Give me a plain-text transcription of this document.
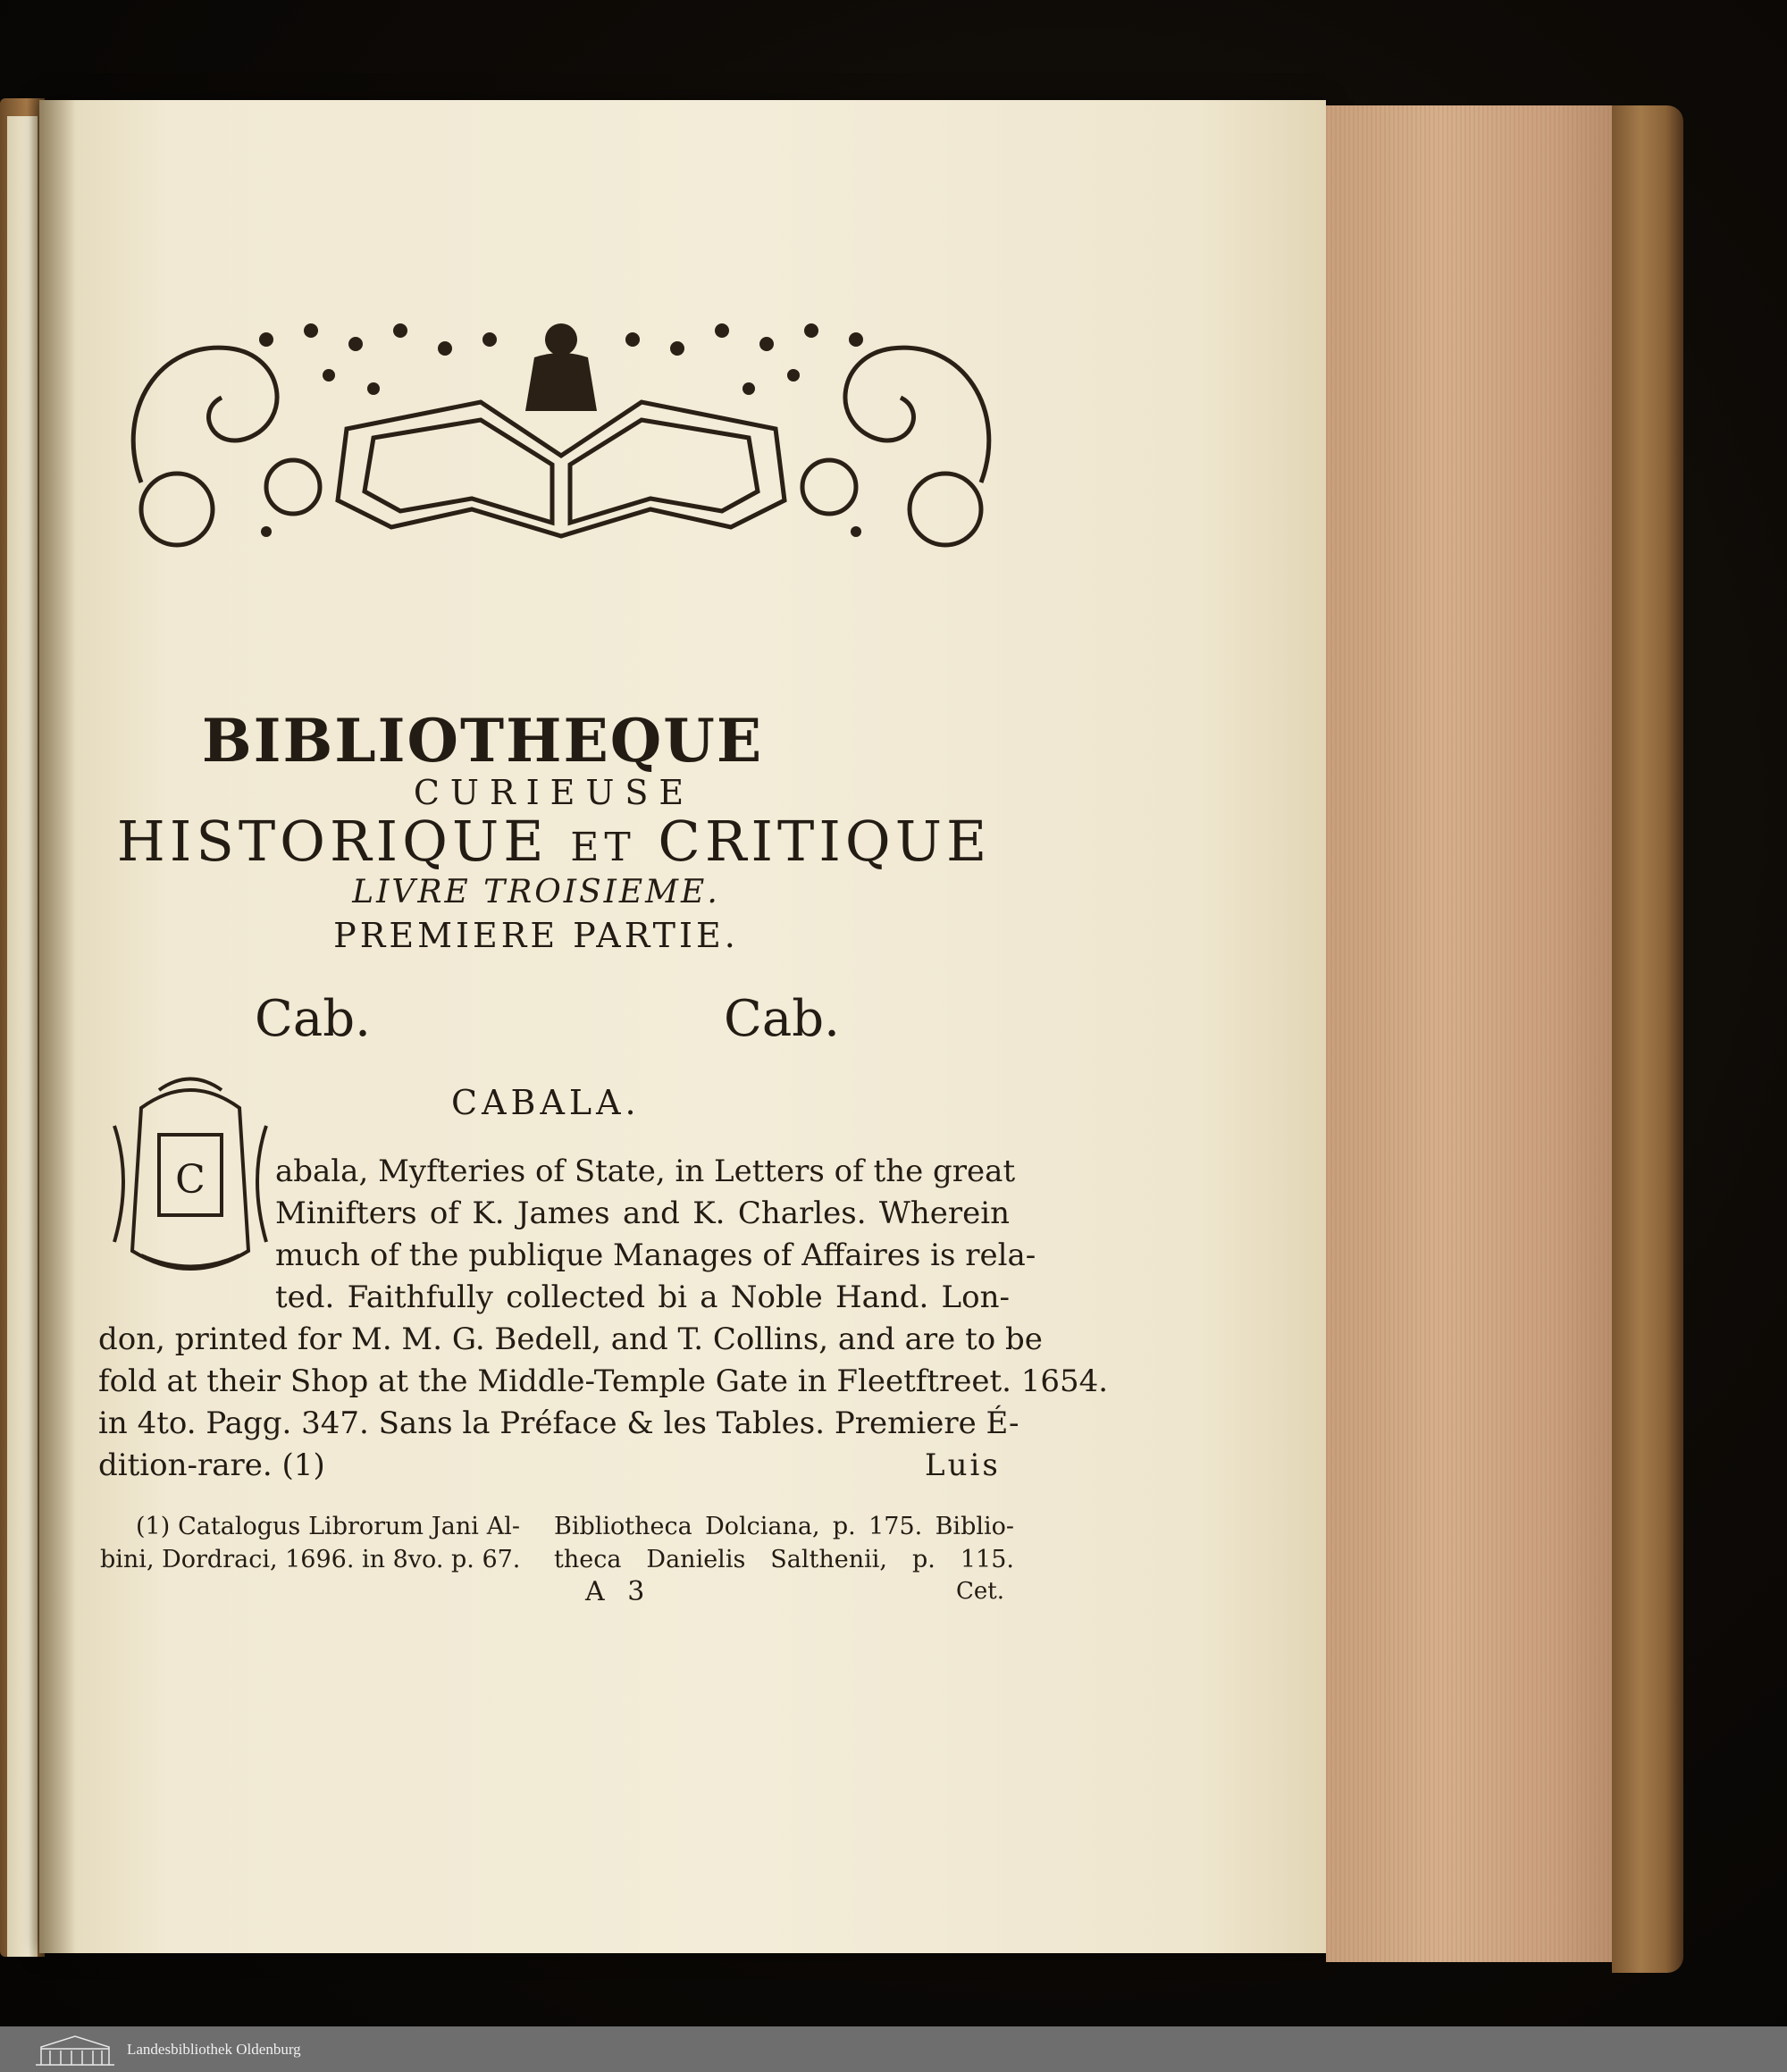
BIBLIOTHEQUE
CURIEUSE
HISTORIQUE ET CRITIQUE
LIVRE TROISIEME.
PREMIERE PARTIE.
Cab.	Cab.
CABALA.
C	abala, Myfteries of State, in Letters of the great
Minifters of K. James and K. Charles. Wherein
much of the publique Manages of Affaires is rela-
ted. Faithfully collected bi a Noble Hand. Lon-
don, printed for M. M. G. Bedell, and T. Collins, and are to be
fold at their Shop at the Middle-Temple Gate in Fleetftreet. 1654.
in 4to. Pagg. 347. Sans la Préface & les Tables. Premiere É-
dition-rare. (1)	Luis
(1) Catalogus Librorum Jani Al-
bini, Dordraci, 1696. in 8vo. p. 67.
Bibliotheca Dolciana, p. 175. Biblio-
theca Danielis Salthenii, p. 115.
A 3	Cet.
Landesbibliothek Oldenburg
